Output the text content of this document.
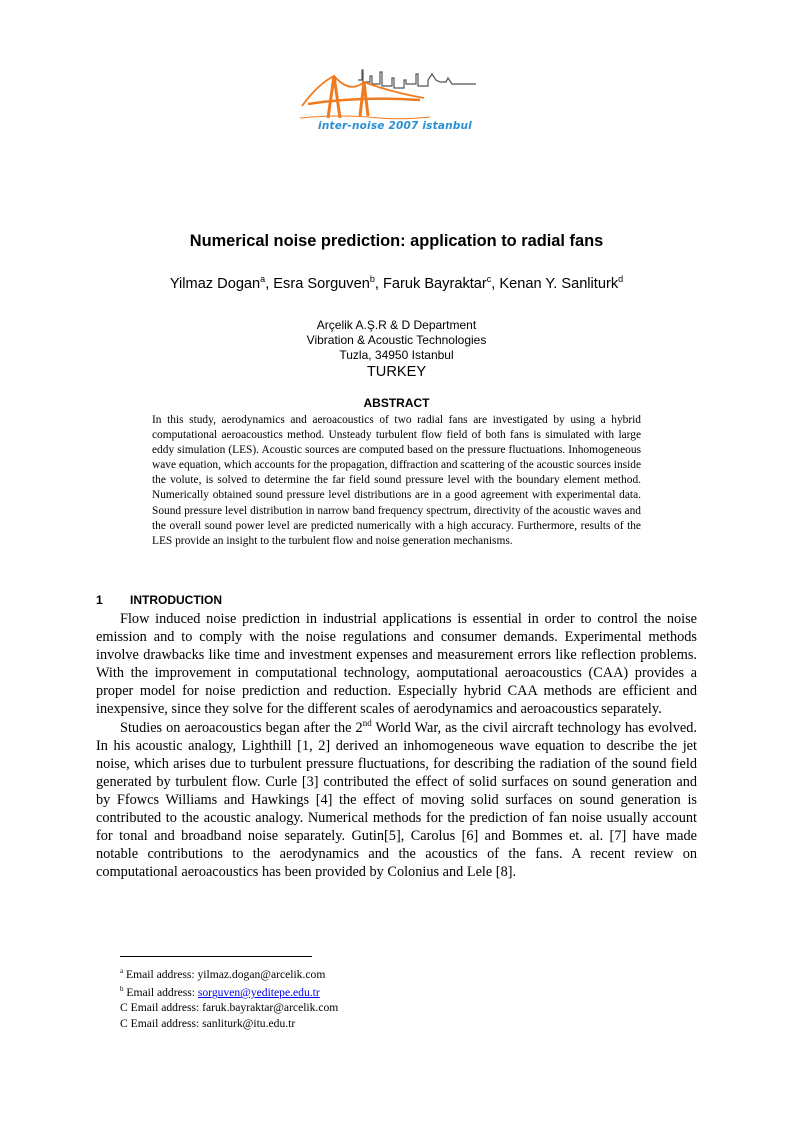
inter-noise 2007 istanbul
Numerical noise prediction: application to radial fans
Yilmaz Dogan$^a$, Esra Sorguven$^b$, Faruk Bayraktar$^c$, Kenan Y. Sanliturk$^d$
Arçelik A.Ş.R & D Department
Vibration & Acoustic Technologies
Tuzla, 34950 Istanbul
TURKEY
ABSTRACT

In this study, aerodynamics and aeroacoustics of two radial fans are investigated by using a hybrid computational aeroacoustics method. Unsteady turbulent flow field of both fans is simulated with large eddy simulation (LES). Acoustic sources are computed based on the pressure fluctuations. Inhomogeneous wave equation, which accounts for the propagation, diffraction and scattering of the acoustic sources inside the volute, is solved to determine the far field sound pressure level with the boundary element method. Numerically obtained sound pressure level distributions are in a good agreement with experimental data. Sound pressure level distribution in narrow band frequency spectrum, directivity of the acoustic waves and the overall sound power level are predicted numerically with a high accuracy. Furthermore, results of the LES provide an insight to the turbulent flow and noise generation mechanisms.

1 INTRODUCTION

Flow induced noise prediction in industrial applications is essential in order to control the noise emission and to comply with the noise regulations and consumer demands. Experimental methods involve drawbacks like time and investment expenses and measurement errors like reflection problems. With the improvement in computational technology, aomputational aeroacoustics (CAA) provides a proper model for noise prediction and reduction. Especially hybrid CAA methods are efficient and inexpensive, since they solve for the different scales of aerodynamics and aeroacoustics separately.

Studies on aeroacoustics began after the 2nd World War, as the civil aircraft technology has evolved. In his acoustic analogy, Lighthill [1, 2] derived an inhomogeneous wave equation to describe the jet noise, which arises due to turbulent pressure fluctuations, for describing the radiation of the sound field generated by turbulent flow. Curle [3] contributed the effect of solid surfaces on sound generation and by Ffowcs Williams and Hawkings [4] the effect of moving solid surfaces on sound generation is contributed to the acoustic analogy. Numerical methods for the prediction of fan noise usually account for tonal and broadband noise separately. Gutin[5], Carolus [6] and Bommes et. al. [7] have made notable contributions to the aerodynamics and the acoustics of the fans. A recent review on computational aeroacoustics has been provided by Colonius and Lele [8].

$^a$ Email address: yilmaz.dogan@arcelik.com
$^b$ Email address: sorguven@yeditepe.edu.tr
C Email address: faruk.bayraktar@arcelik.com
C Email address: sanliturk@itu.edu.tr
